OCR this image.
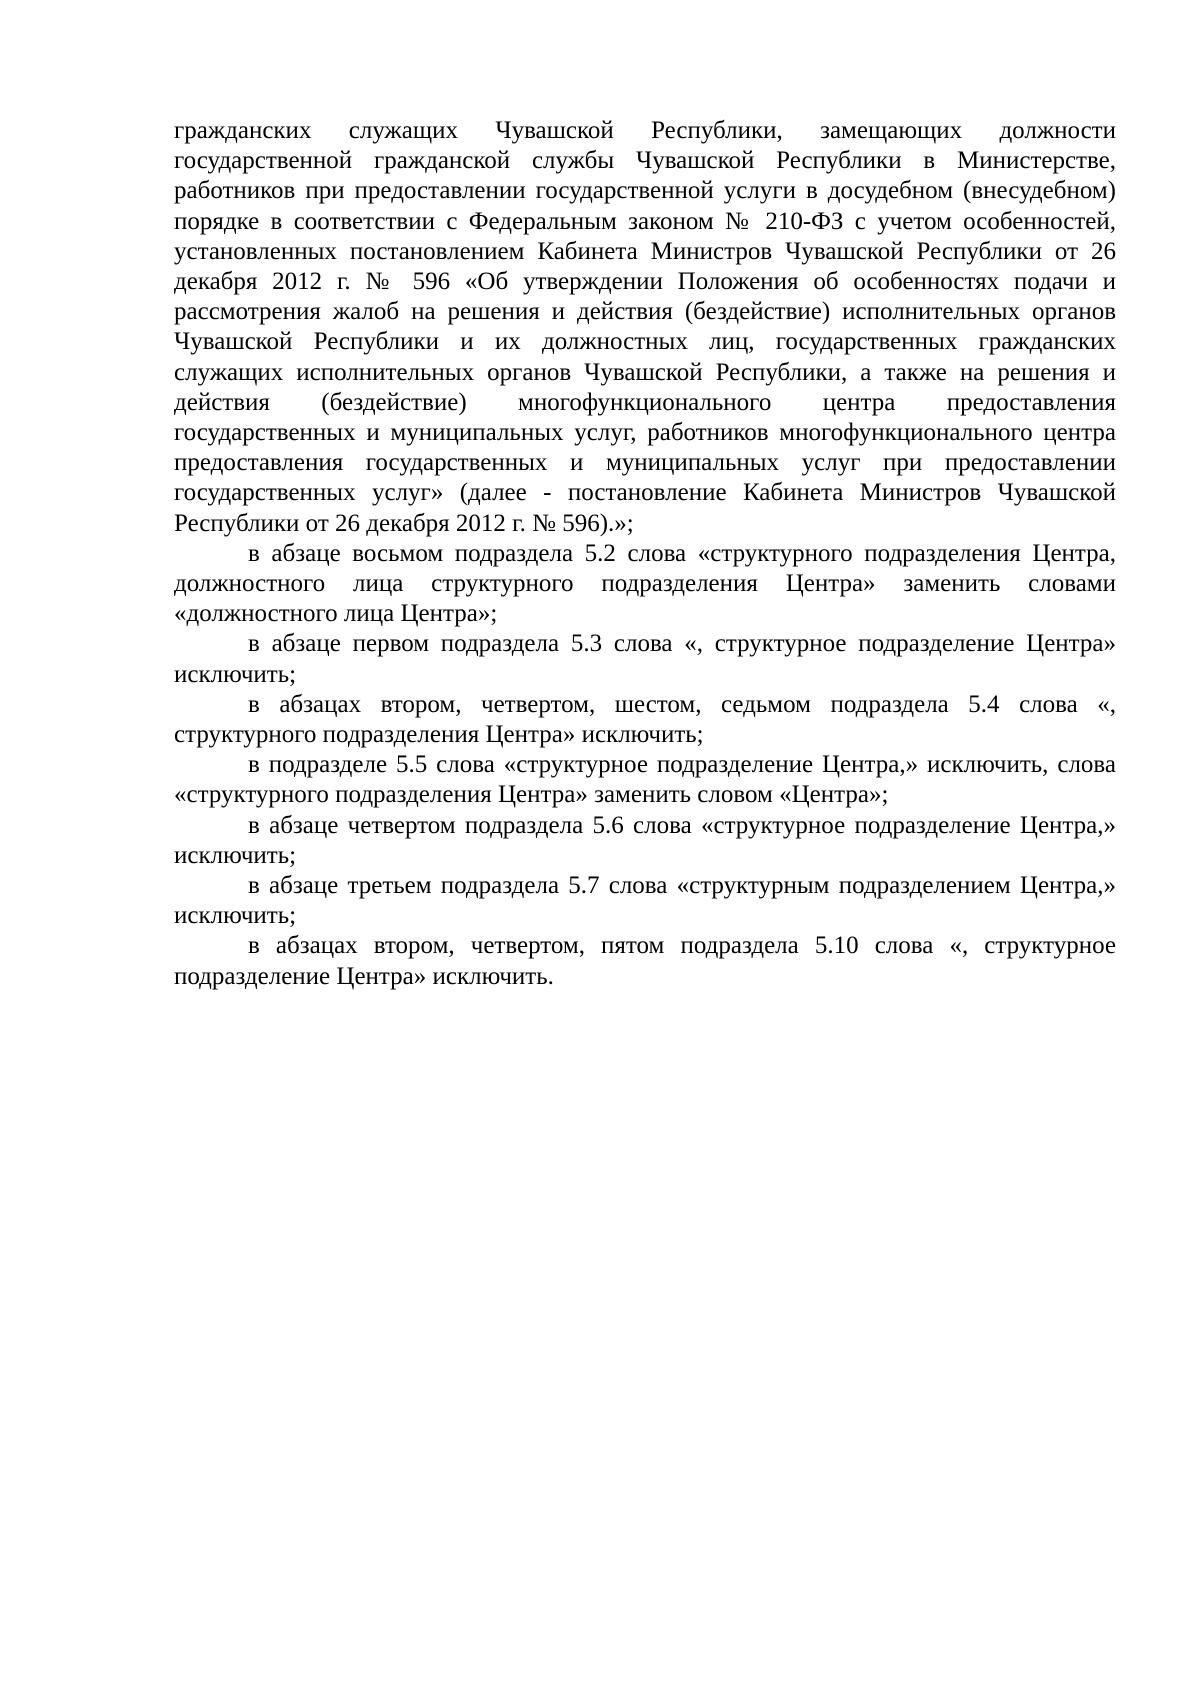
гражданских служащих Чувашской Республики, замещающих должности государственной гражданской службы Чувашской Республики в Министерстве, работников при предоставлении государственной услуги в досудебном (внесудебном) порядке в соответствии с Федеральным законом № 210-ФЗ с учетом особенностей, установленных постановлением Кабинета Министров Чувашской Республики от 26 декабря 2012 г. № 596 «Об утверждении Положения об особенностях подачи и рассмотрения жалоб на решения и действия (бездействие) исполнительных органов Чувашской Республики и их должностных лиц, государственных гражданских служащих исполнительных органов Чувашской Республики, а также на решения и действия (бездействие) многофункционального центра предоставления государственных и муниципальных услуг, работников многофункционального центра предоставления государственных и муниципальных услуг при предоставлении государственных услуг» (далее - постановление Кабинета Министров Чувашской Республики от 26 декабря 2012 г. № 596).»;

в абзаце восьмом подраздела 5.2 слова «структурного подразделения Центра, должностного лица структурного подразделения Центра» заменить словами «должностного лица Центра»;

в абзаце первом подраздела 5.3 слова «, структурное подразделение Центра» исключить;

в абзацах втором, четвертом, шестом, седьмом подраздела 5.4 слова «, структурного подразделения Центра» исключить;

в подразделе 5.5 слова «структурное подразделение Центра,» исключить, слова «структурного подразделения Центра» заменить словом «Центра»;

в абзаце четвертом подраздела 5.6 слова «структурное подразделение Центра,» исключить;

в абзаце третьем подраздела 5.7 слова «структурным подразделением Центра,» исключить;

в абзацах втором, четвертом, пятом подраздела 5.10 слова «, структурное подразделение Центра» исключить.
